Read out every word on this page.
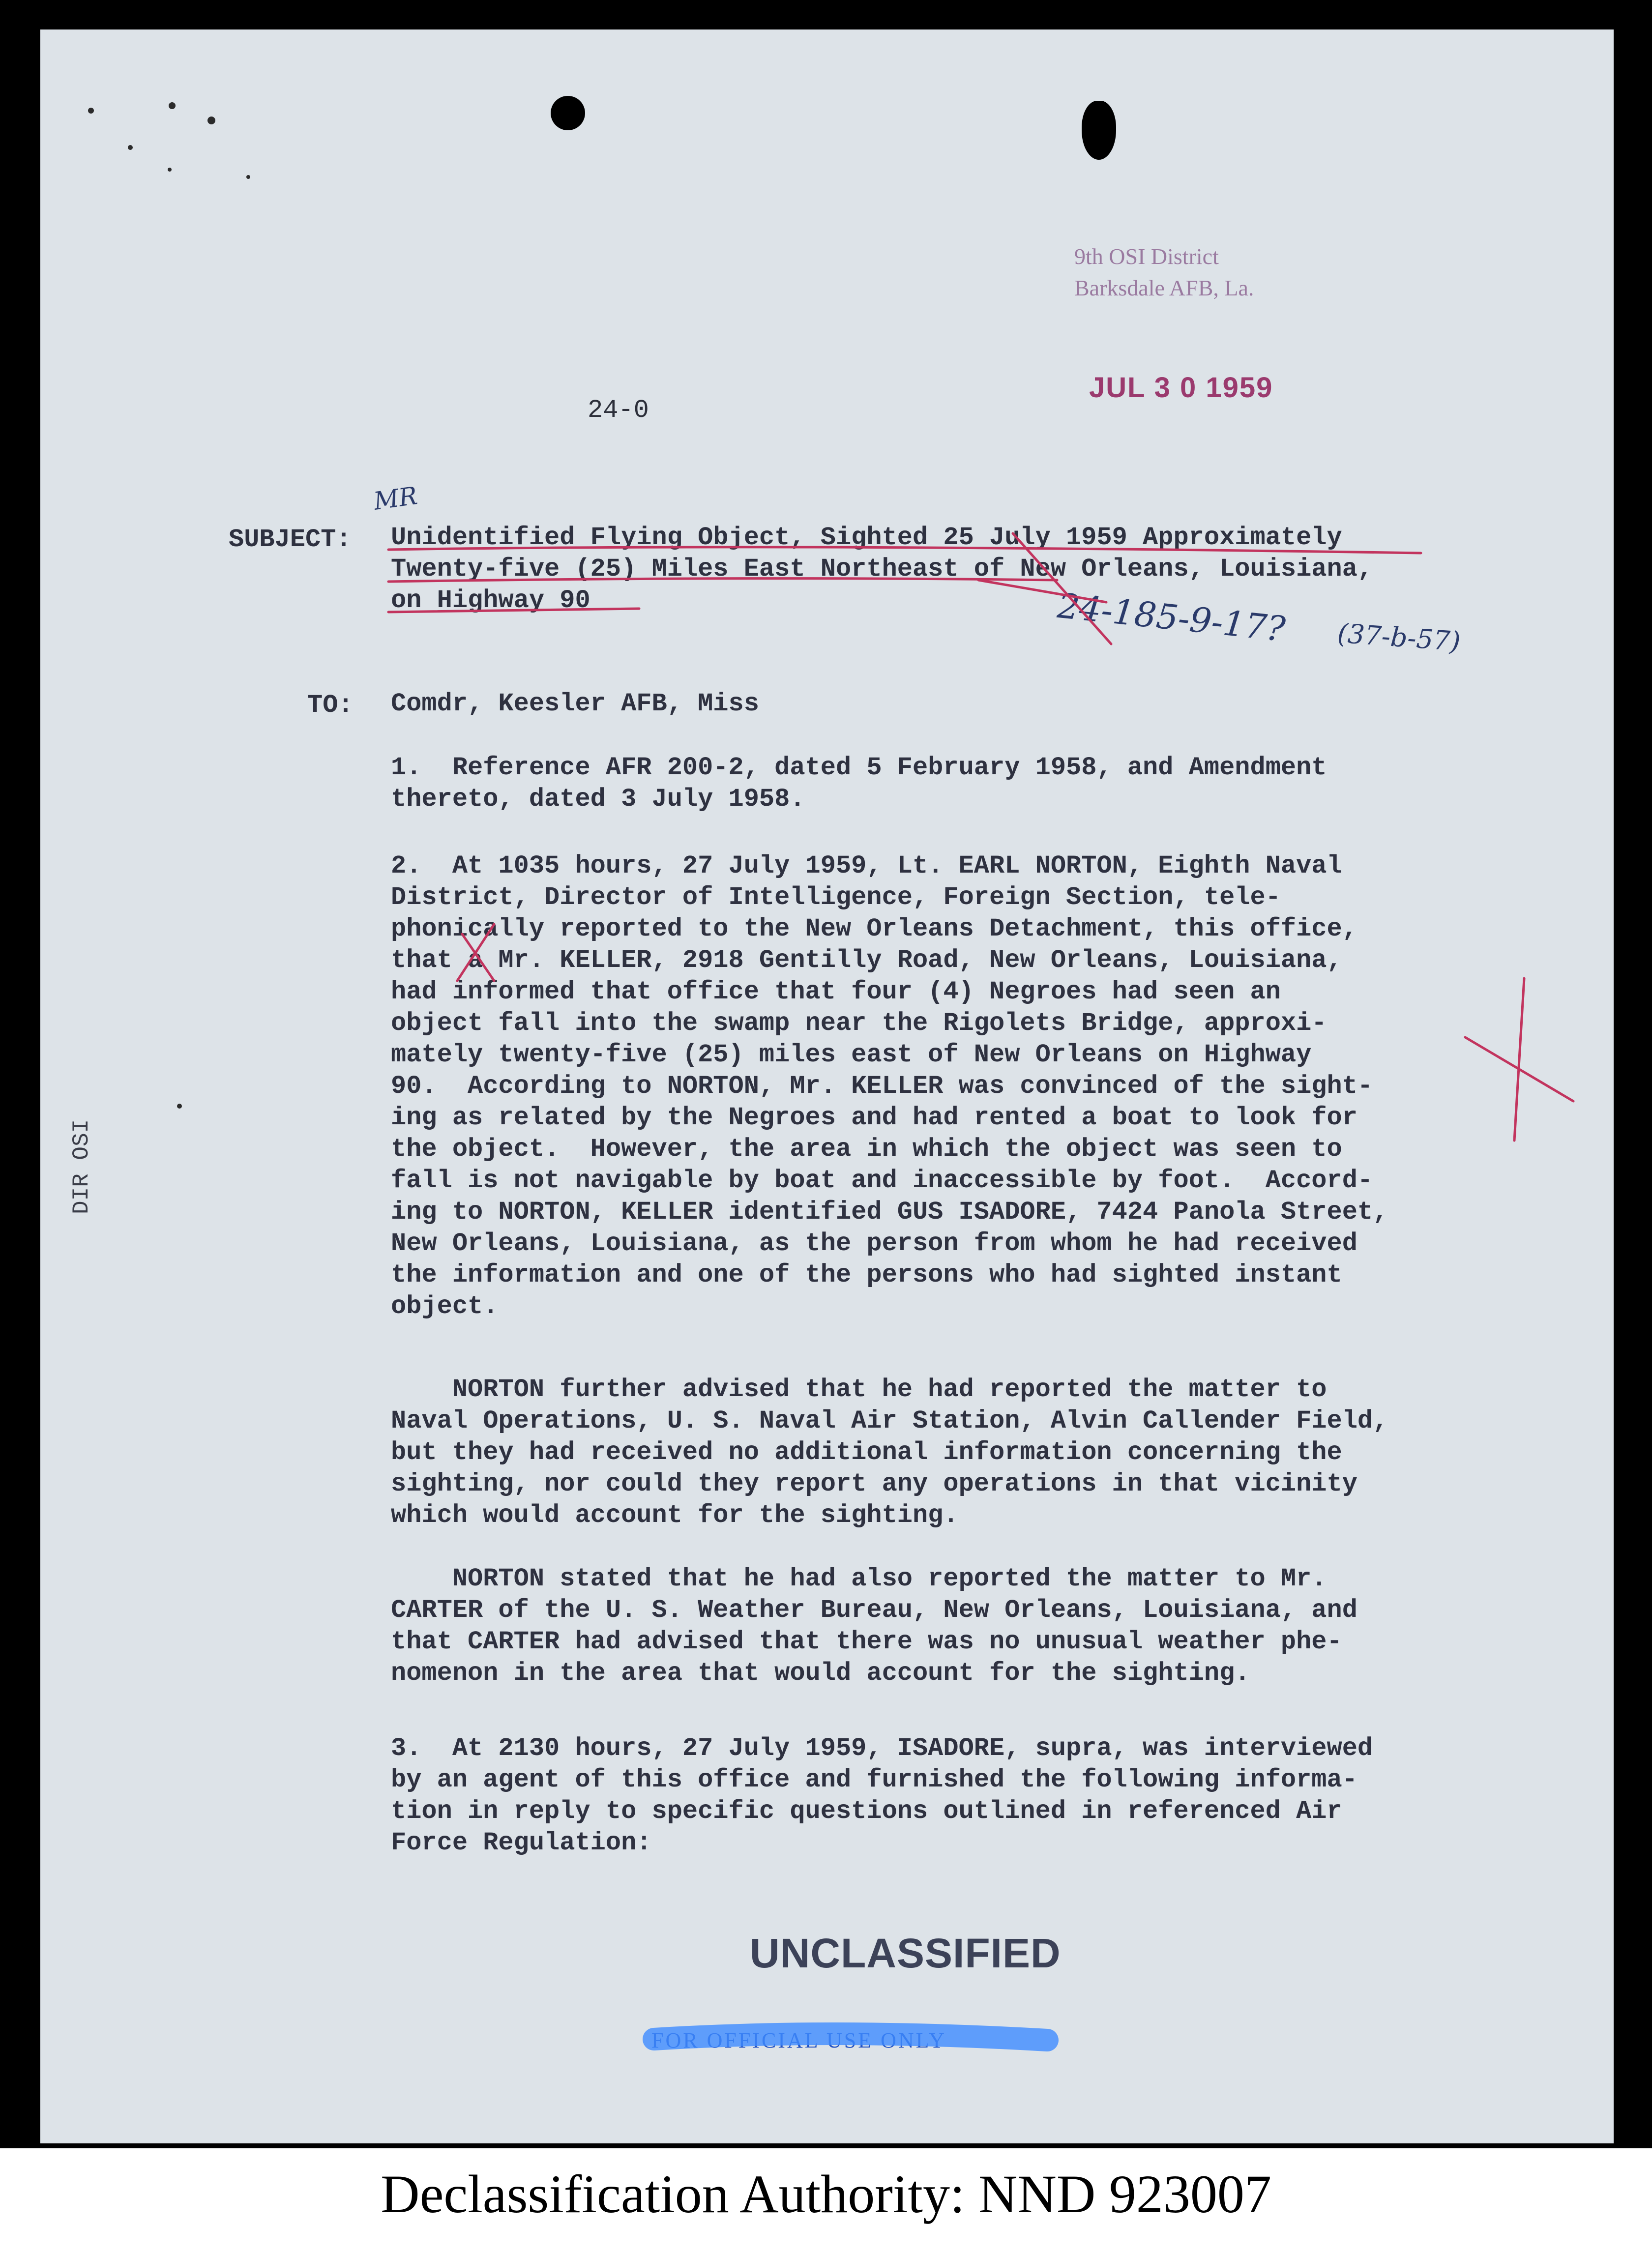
9th OSI District
Barksdale AFB, La.
JUL 3 0 1959
24-0
DIR OSI
SUBJECT: Unidentified Flying Object, Sighted 25 July 1959 Approximately
Twenty-five (25) Miles East Northeast of New Orleans, Louisiana,
on Highway 90
MR
24-185-9-17? (37-b-57)
TO: Comdr, Keesler AFB, Miss
1.  Reference AFR 200-2, dated 5 February 1958, and Amendment
thereto, dated 3 July 1958.
2.  At 1035 hours, 27 July 1959, Lt. EARL NORTON, Eighth Naval
District, Director of Intelligence, Foreign Section, tele-
phonically reported to the New Orleans Detachment, this office,
that a Mr. KELLER, 2918 Gentilly Road, New Orleans, Louisiana,
had informed that office that four (4) Negroes had seen an
object fall into the swamp near the Rigolets Bridge, approxi-
mately twenty-five (25) miles east of New Orleans on Highway
90.  According to NORTON, Mr. KELLER was convinced of the sight-
ing as related by the Negroes and had rented a boat to look for
the object.  However, the area in which the object was seen to
fall is not navigable by boat and inaccessible by foot.  Accord-
ing to NORTON, KELLER identified GUS ISADORE, 7424 Panola Street,
New Orleans, Louisiana, as the person from whom he had received
the information and one of the persons who had sighted instant
object.
NORTON further advised that he had reported the matter to
Naval Operations, U. S. Naval Air Station, Alvin Callender Field,
but they had received no additional information concerning the
sighting, nor could they report any operations in that vicinity
which would account for the sighting.
NORTON stated that he had also reported the matter to Mr.
CARTER of the U. S. Weather Bureau, New Orleans, Louisiana, and
that CARTER had advised that there was no unusual weather phe-
nomenon in the area that would account for the sighting.
3.  At 2130 hours, 27 July 1959, ISADORE, supra, was interviewed
by an agent of this office and furnished the following informa-
tion in reply to specific questions outlined in referenced Air
Force Regulation:
UNCLASSIFIED
FOR OFFICIAL USE ONLY
Declassification Authority: NND 923007
